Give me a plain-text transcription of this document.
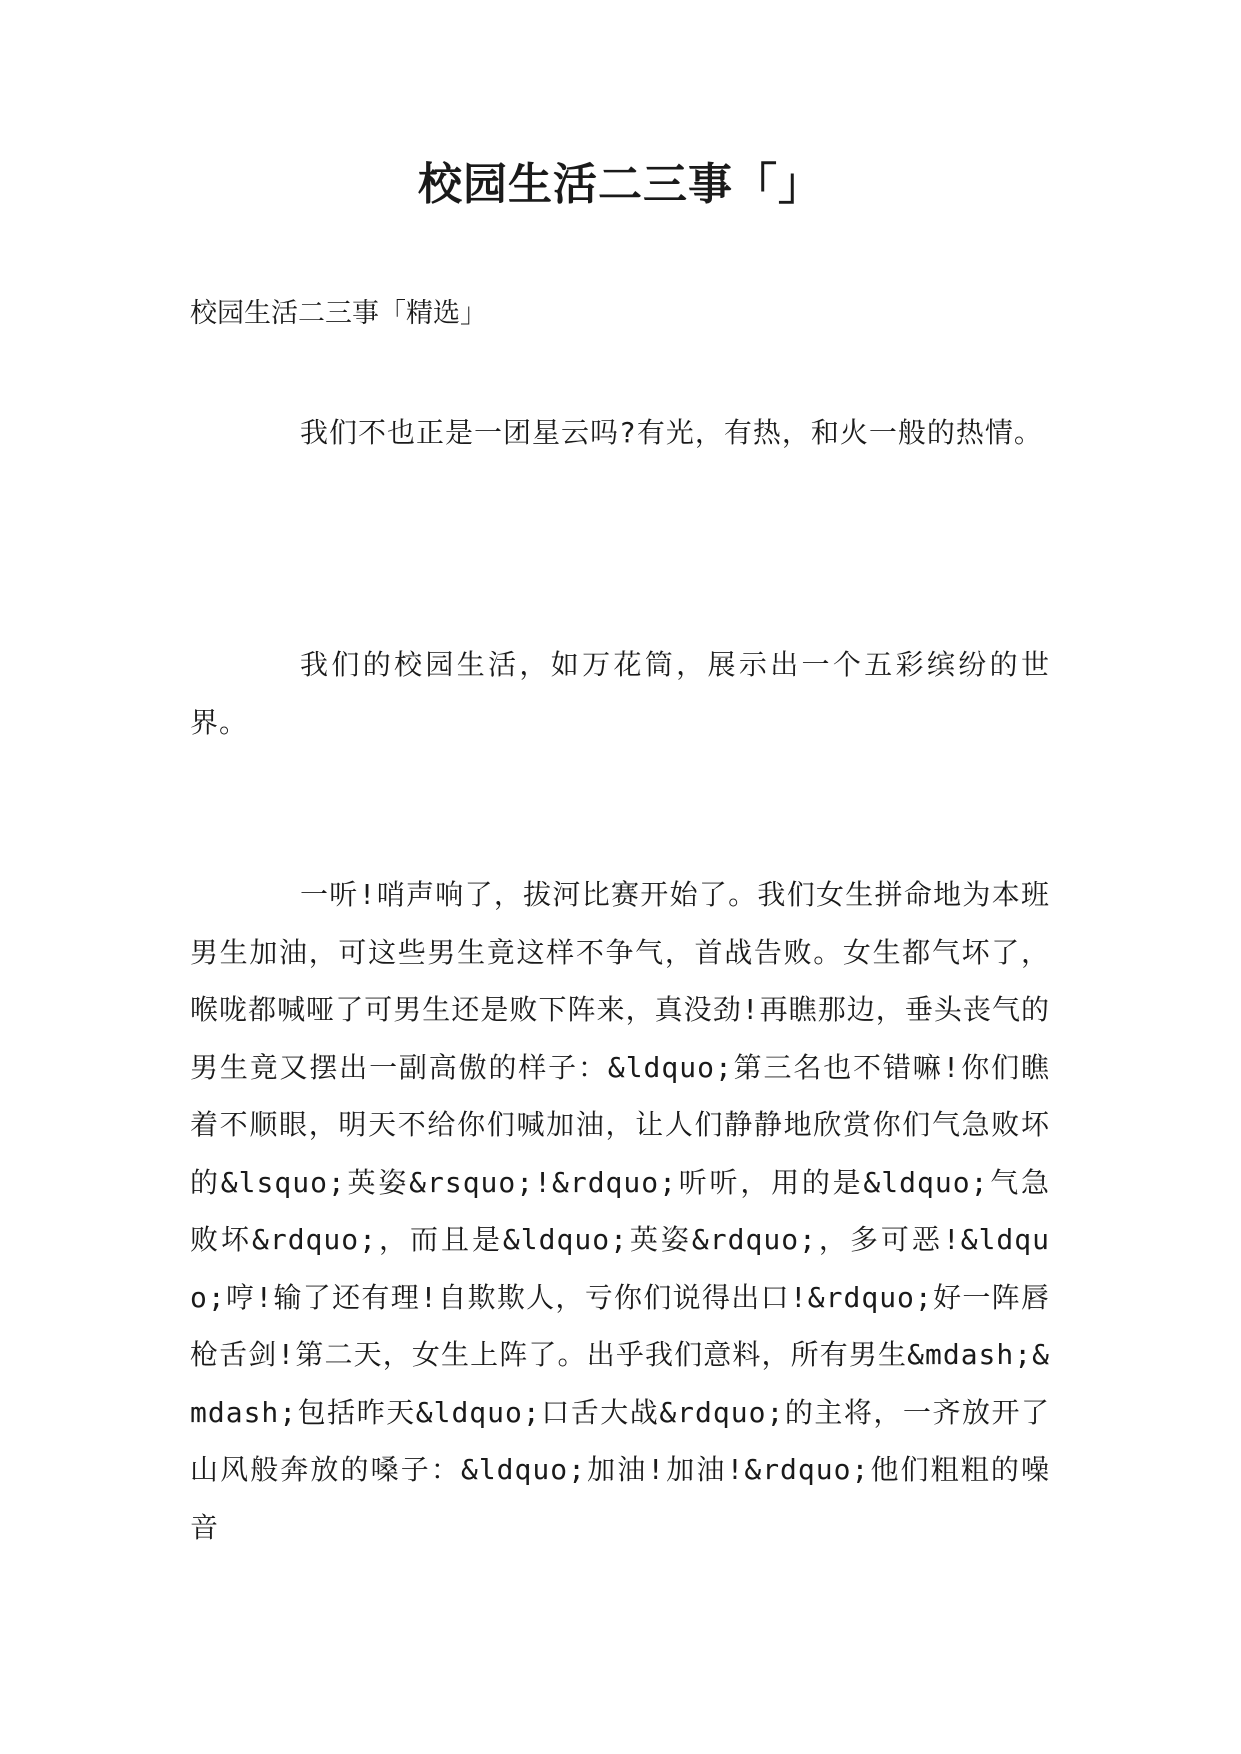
校园生活二三事「」
校园生活二三事「精选」
我们不也正是一团星云吗?有光，有热，和火一般的热情。
我们的校园生活，如万花筒，展示出一个五彩缤纷的世界。
一听!哨声响了，拔河比赛开始了。我们女生拼命地为本班男生加油，可这些男生竟这样不争气，首战告败。女生都气坏了，喉咙都喊哑了可男生还是败下阵来，真没劲!再瞧那边，垂头丧气的男生竟又摆出一副高傲的样子：&ldquo;第三名也不错嘛!你们瞧着不顺眼，明天不给你们喊加油，让人们静静地欣赏你们气急败坏的&lsquo;英姿&rsquo;!&rdquo;听听，用的是&ldquo;气急败坏&rdquo;，而且是&ldquo;英姿&rdquo;，多可恶!&ldquo;哼!输了还有理!自欺欺人，亏你们说得出口!&rdquo;好一阵唇枪舌剑!第二天，女生上阵了。出乎我们意料，所有男生&mdash;&mdash;包括昨天&ldquo;口舌大战&rdquo;的主将，一齐放开了山风般奔放的嗓子：&ldquo;加油!加油!&rdquo;他们粗粗的噪音
